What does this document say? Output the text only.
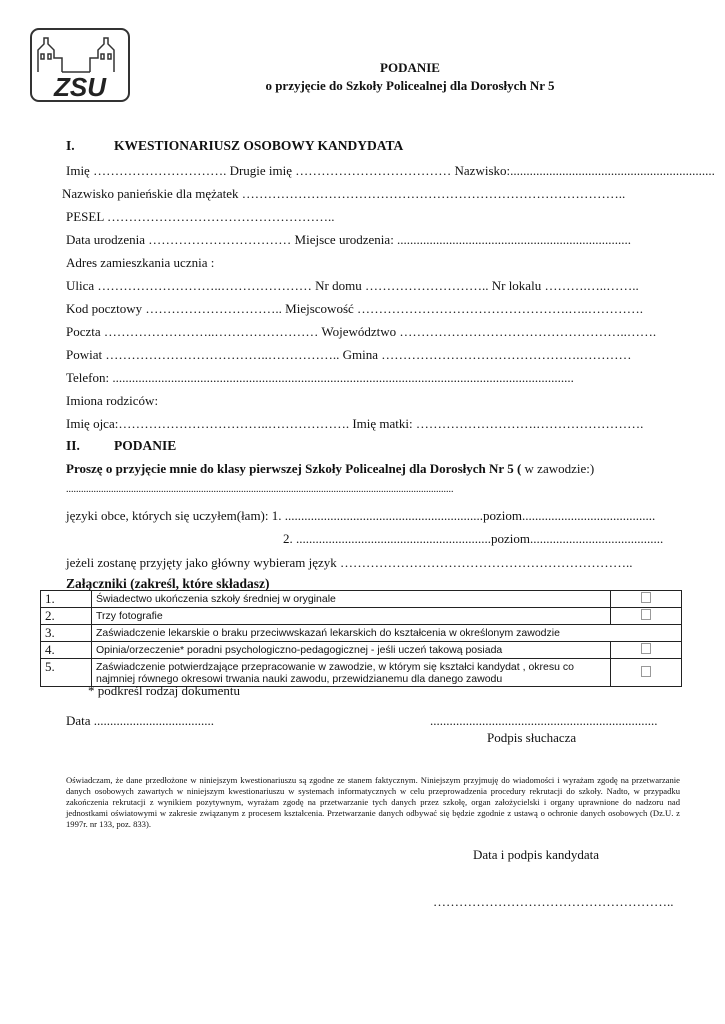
ZSU
PODANIE
o przyjęcie do Szkoły Policealnej dla Dorosłych Nr 5
I.	KWESTIONARIUSZ OSOBOWY KANDYDATA
Imię …………………………. Drugie imię ……………………………… Nazwisko:...............................................................
Nazwisko panieńskie dla mężatek ……………………………………………………………………………..
PESEL ……………………………………………..
Data urodzenia …………………………… Miejsce urodzenia: ........................................................................
Adres zamieszkania ucznia :
Ulica ………………………..………………… Nr domu ……………………….. Nr lokalu ……….…..……..
Kod pocztowy ………………………….. Miejscowość ………………………………………….…..………….
Poczta ……………………..…………………… Województwo ……………………………………………..…….
Powiat ………………………………..…………….. Gmina ……………………………………….…………
Telefon: ..............................................................................................................................................
Imiona rodziców:
Imię ojca:……………………………..………………. Imię matki: ……………………….…………………….
II.	PODANIE
Proszę o przyjęcie mnie do klasy pierwszej Szkoły Policealnej dla Dorosłych Nr 5 ( w zawodzie:)
...........................................................................................................................................................
języki obce, których się uczyłem(łam): 1. .............................................................poziom.........................................
2. ............................................................poziom.........................................
jeżeli zostanę przyjęty jako główny wybieram język …………………………………………………………..
Załączniki (zakreśl, które składasz)
1.	Świadectwo ukończenia szkoły średniej w oryginale	
2.	Trzy fotografie	
3.	Zaświadczenie lekarskie o braku przeciwwskazań lekarskich do kształcenia w określonym zawodzie	
4.	Opinia/orzeczenie* poradni psychologiczno-pedagogicznej - jeśli uczeń takową posiada	
5.	Zaświadczenie potwierdzające przepracowanie w zawodzie, w którym się kształci kandydat , okresu co najmniej równego okresowi trwania nauki zawodu, przewidzianemu dla danego zawodu	
* podkreśl rodzaj dokumentu
Data .....................................	......................................................................
Podpis słuchacza
Oświadczam, że dane przedłożone w niniejszym kwestionariuszu są zgodne ze stanem faktycznym. Niniejszym przyjmuję do wiadomości i wyrażam zgodę na przetwarzanie danych osobowych zawartych w niniejszym kwestionariuszu w systemach informatycznych w celu przeprowadzenia procedury rekrutacji do szkoły. Nadto, w przypadku zakończenia rekrutacji z wynikiem pozytywnym, wyrażam zgodę na przetwarzanie tych danych przez szkołę, organ założycielski i organy uprawnione do nadzoru nad jednostkami oświatowymi w zakresie związanym z procesem kształcenia. Przetwarzanie danych odbywać się będzie zgodnie z ustawą o ochronie danych osobowych (Dz.U. z 1997r. nr 133, poz. 833).
Data i podpis kandydata
………………………………………………..
